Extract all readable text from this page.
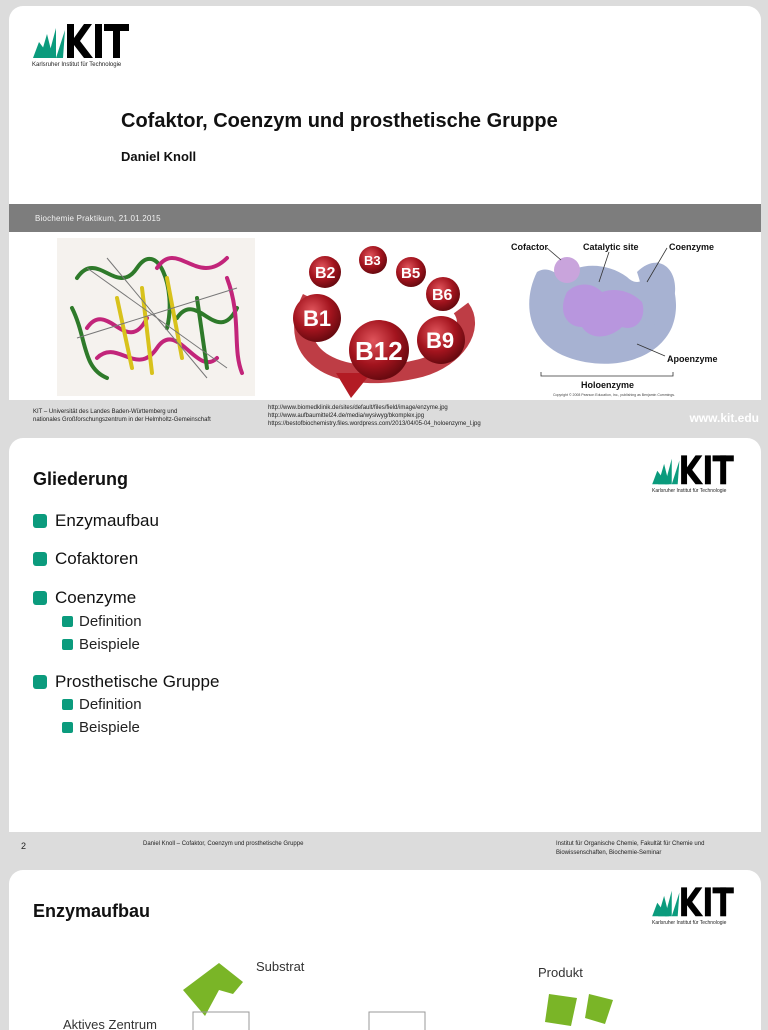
Karlsruher Institut für Technologie
Cofaktor, Coenzym und prosthetische Gruppe
Daniel Knoll
Biochemie Praktikum, 21.01.2015
B2
B3
B5
B6
B1
B9
B12
Cofactor	Catalytic site	Coenzyme
Apoenzyme
Holoenzyme
Copyright © 2008 Pearson Education, Inc., publishing as Benjamin Cummings.
KIT – Universität des Landes Baden-Württemberg und
nationales Großforschungszentrum in der Helmholtz-Gemeinschaft
http://www.biomedklinik.de/sites/default/files/field/image/enzyme.jpg
http://www.aufbaumittel24.de/media/wysiwyg/bkomplex.jpg
https://bestofbiochemistry.files.wordpress.com/2013/04/05-04_holoenzyme_l.jpg	www.kit.edu
Gliederung
Karlsruher Institut für Technologie
Enzymaufbau
Cofaktoren
Coenzyme
Definition
Beispiele
Prosthetische Gruppe
Definition
Beispiele
2	Daniel Knoll – Cofaktor, Coenzym und prosthetische Gruppe	Institut für Organische Chemie, Fakultät für Chemie und
Biowissenschaften, Biochemie-Seminar
Enzymaufbau
Karlsruher Institut für Technologie
Substrat	Produkt
Aktives Zentrum
